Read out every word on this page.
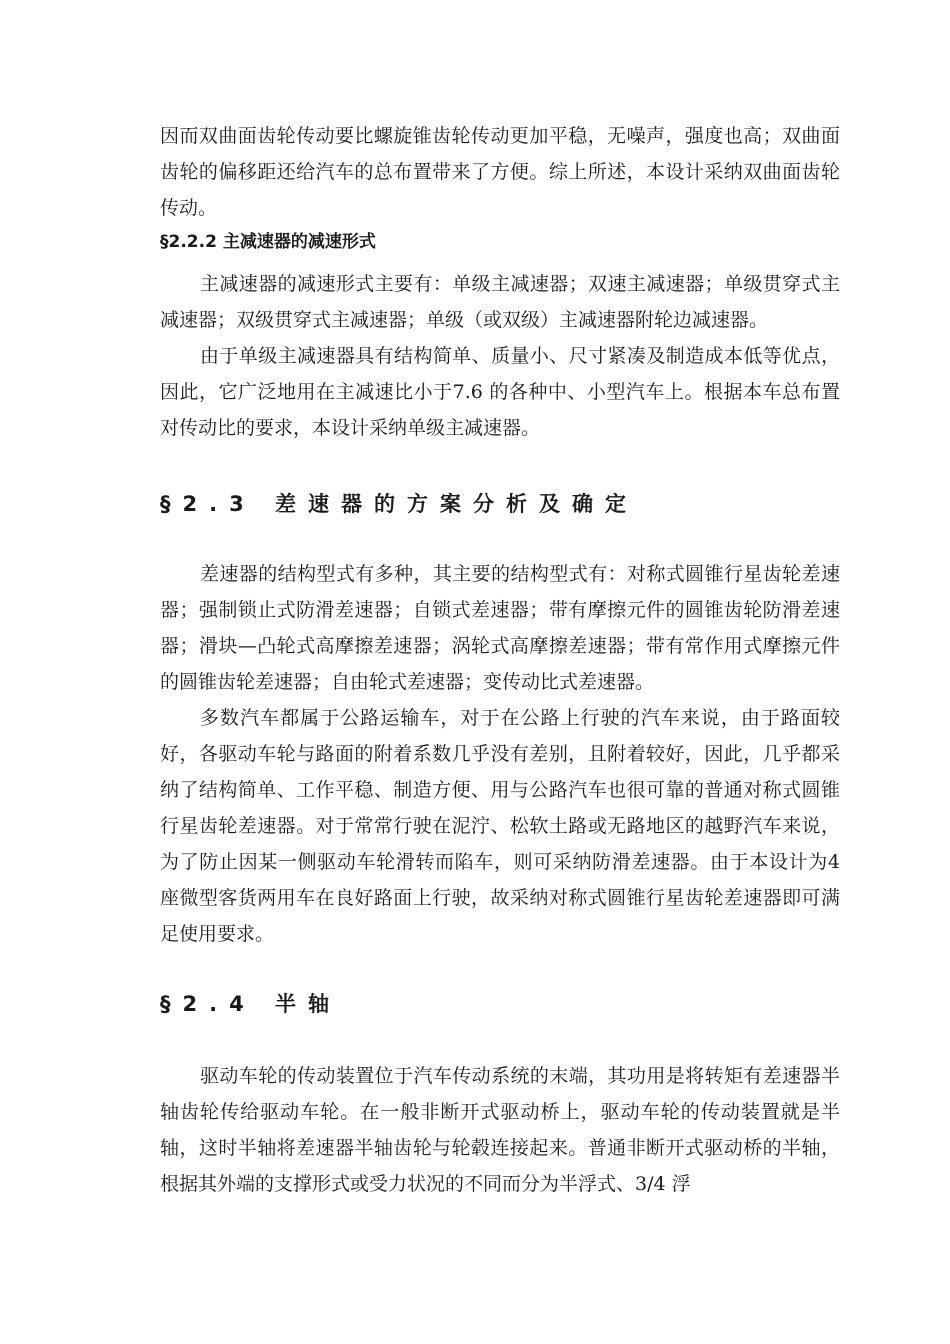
因而双曲面齿轮传动要比螺旋锥齿轮传动更加平稳，无噪声，强度也高；双曲面齿轮的偏移距还给汽车的总布置带来了方便。综上所述，本设计采纳双曲面齿轮传动。

§2.2.2 主减速器的减速形式

主减速器的减速形式主要有：单级主减速器；双速主减速器；单级贯穿式主减速器；双级贯穿式主减速器；单级（或双级）主减速器附轮边减速器。

由于单级主减速器具有结构简单、质量小、尺寸紧凑及制造成本低等优点，因此，它广泛地用在主减速比小于7.6 的各种中、小型汽车上。根据本车总布置对传动比的要求，本设计采纳单级主减速器。

§2.3 差速器的方案分析及确定

差速器的结构型式有多种，其主要的结构型式有：对称式圆锥行星齿轮差速器；强制锁止式防滑差速器；自锁式差速器；带有摩擦元件的圆锥齿轮防滑差速器；滑块—凸轮式高摩擦差速器；涡轮式高摩擦差速器；带有常作用式摩擦元件的圆锥齿轮差速器；自由轮式差速器；变传动比式差速器。

多数汽车都属于公路运输车，对于在公路上行驶的汽车来说，由于路面较好，各驱动车轮与路面的附着系数几乎没有差别，且附着较好，因此，几乎都采纳了结构简单、工作平稳、制造方便、用与公路汽车也很可靠的普通对称式圆锥行星齿轮差速器。对于常常行驶在泥泞、松软土路或无路地区的越野汽车来说，为了防止因某一侧驱动车轮滑转而陷车，则可采纳防滑差速器。由于本设计为4 座微型客货两用车在良好路面上行驶，故采纳对称式圆锥行星齿轮差速器即可满足使用要求。

§2.4 半轴

驱动车轮的传动装置位于汽车传动系统的末端，其功用是将转矩有差速器半轴齿轮传给驱动车轮。在一般非断开式驱动桥上，驱动车轮的传动装置就是半轴，这时半轴将差速器半轴齿轮与轮毂连接起来。普通非断开式驱动桥的半轴，根据其外端的支撑形式或受力状况的不同而分为半浮式、3/4 浮
